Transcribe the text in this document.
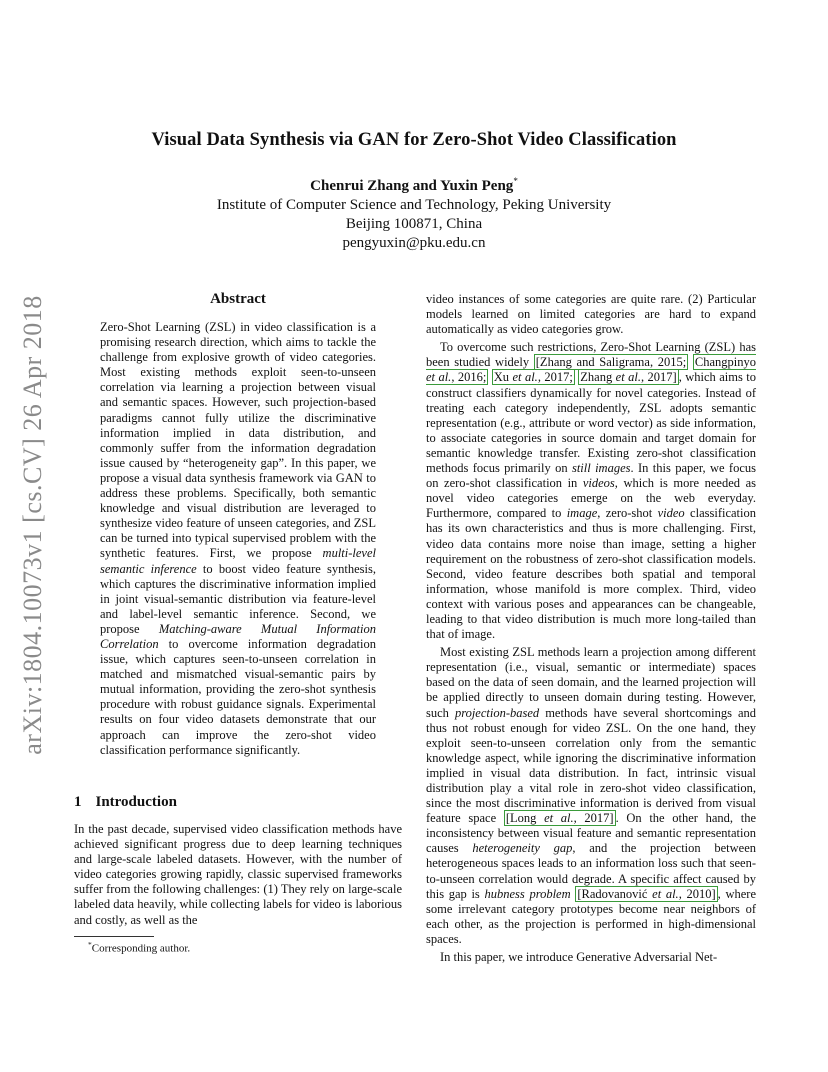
arXiv:1804.10073v1 [cs.CV] 26 Apr 2018
Visual Data Synthesis via GAN for Zero-Shot Video Classification
Chenrui Zhang and Yuxin Peng*
Institute of Computer Science and Technology, Peking University
Beijing 100871, China
pengyuxin@pku.edu.cn
Abstract
Zero-Shot Learning (ZSL) in video classification is a promising research direction, which aims to tackle the challenge from explosive growth of video categories. Most existing methods exploit seen-to-unseen correlation via learning a projection between visual and semantic spaces. However, such projection-based paradigms cannot fully utilize the discriminative information implied in data distribution, and commonly suffer from the information degradation issue caused by “heterogeneity gap”. In this paper, we propose a visual data synthesis framework via GAN to address these problems. Specifically, both semantic knowledge and visual distribution are leveraged to synthesize video feature of unseen categories, and ZSL can be turned into typical supervised problem with the synthetic features. First, we propose multi-level semantic inference to boost video feature synthesis, which captures the discriminative information implied in joint visual-semantic distribution via feature-level and label-level semantic inference. Second, we propose Matching-aware Mutual Information Correlation to overcome information degradation issue, which captures seen-to-unseen correlation in matched and mismatched visual-semantic pairs by mutual information, providing the zero-shot synthesis procedure with robust guidance signals. Experimental results on four video datasets demonstrate that our approach can improve the zero-shot video classification performance significantly.
1 Introduction
In the past decade, supervised video classification methods have achieved significant progress due to deep learning techniques and large-scale labeled datasets. However, with the number of video categories growing rapidly, classic supervised frameworks suffer from the following challenges: (1) They rely on large-scale labeled data heavily, while collecting labels for video is laborious and costly, as well as the

video instances of some categories are quite rare. (2) Particular models learned on limited categories are hard to expand automatically as video categories grow.

To overcome such restrictions, Zero-Shot Learning (ZSL) has been studied widely [Zhang and Saligrama, 2015; Changpinyo et al., 2016; Xu et al., 2017; Zhang et al., 2017] , which aims to construct classifiers dynamically for novel categories. Instead of treating each category independently, ZSL adopts semantic representation (e.g., attribute or word vector) as side information, to associate categories in source domain and target domain for semantic knowledge transfer. Existing zero-shot classification methods focus primarily on still images. In this paper, we focus on zero-shot classification in videos, which is more needed as novel video categories emerge on the web everyday. Furthermore, compared to image, zero-shot video classification has its own characteristics and thus is more challenging. First, video data contains more noise than image, setting a higher requirement on the robustness of zero-shot classification models. Second, video feature describes both spatial and temporal information, whose manifold is more complex. Third, video context with various poses and appearances can be changeable, leading to that video distribution is much more long-tailed than that of image.

Most existing ZSL methods learn a projection among different representation (i.e., visual, semantic or intermediate) spaces based on the data of seen domain, and the learned projection will be applied directly to unseen domain during testing. However, such projection-based methods have several shortcomings and thus not robust enough for video ZSL. On the one hand, they exploit seen-to-unseen correlation only from the semantic knowledge aspect, while ignoring the discriminative information implied in visual data distribution. In fact, intrinsic visual distribution play a vital role in zero-shot video classification, since the most discriminative information is derived from visual feature space [Long et al., 2017] . On the other hand, the inconsistency between visual feature and semantic representation causes heterogeneity gap, and the projection between heterogeneous spaces leads to an information loss such that seen-to-unseen correlation would degrade. A specific affect caused by this gap is hubness problem [Radovanović et al., 2010] , where some irrelevant category prototypes become near neighbors of each other, as the projection is performed in high-dimensional spaces.

In this paper, we introduce Generative Adversarial Net-

*Corresponding author.
